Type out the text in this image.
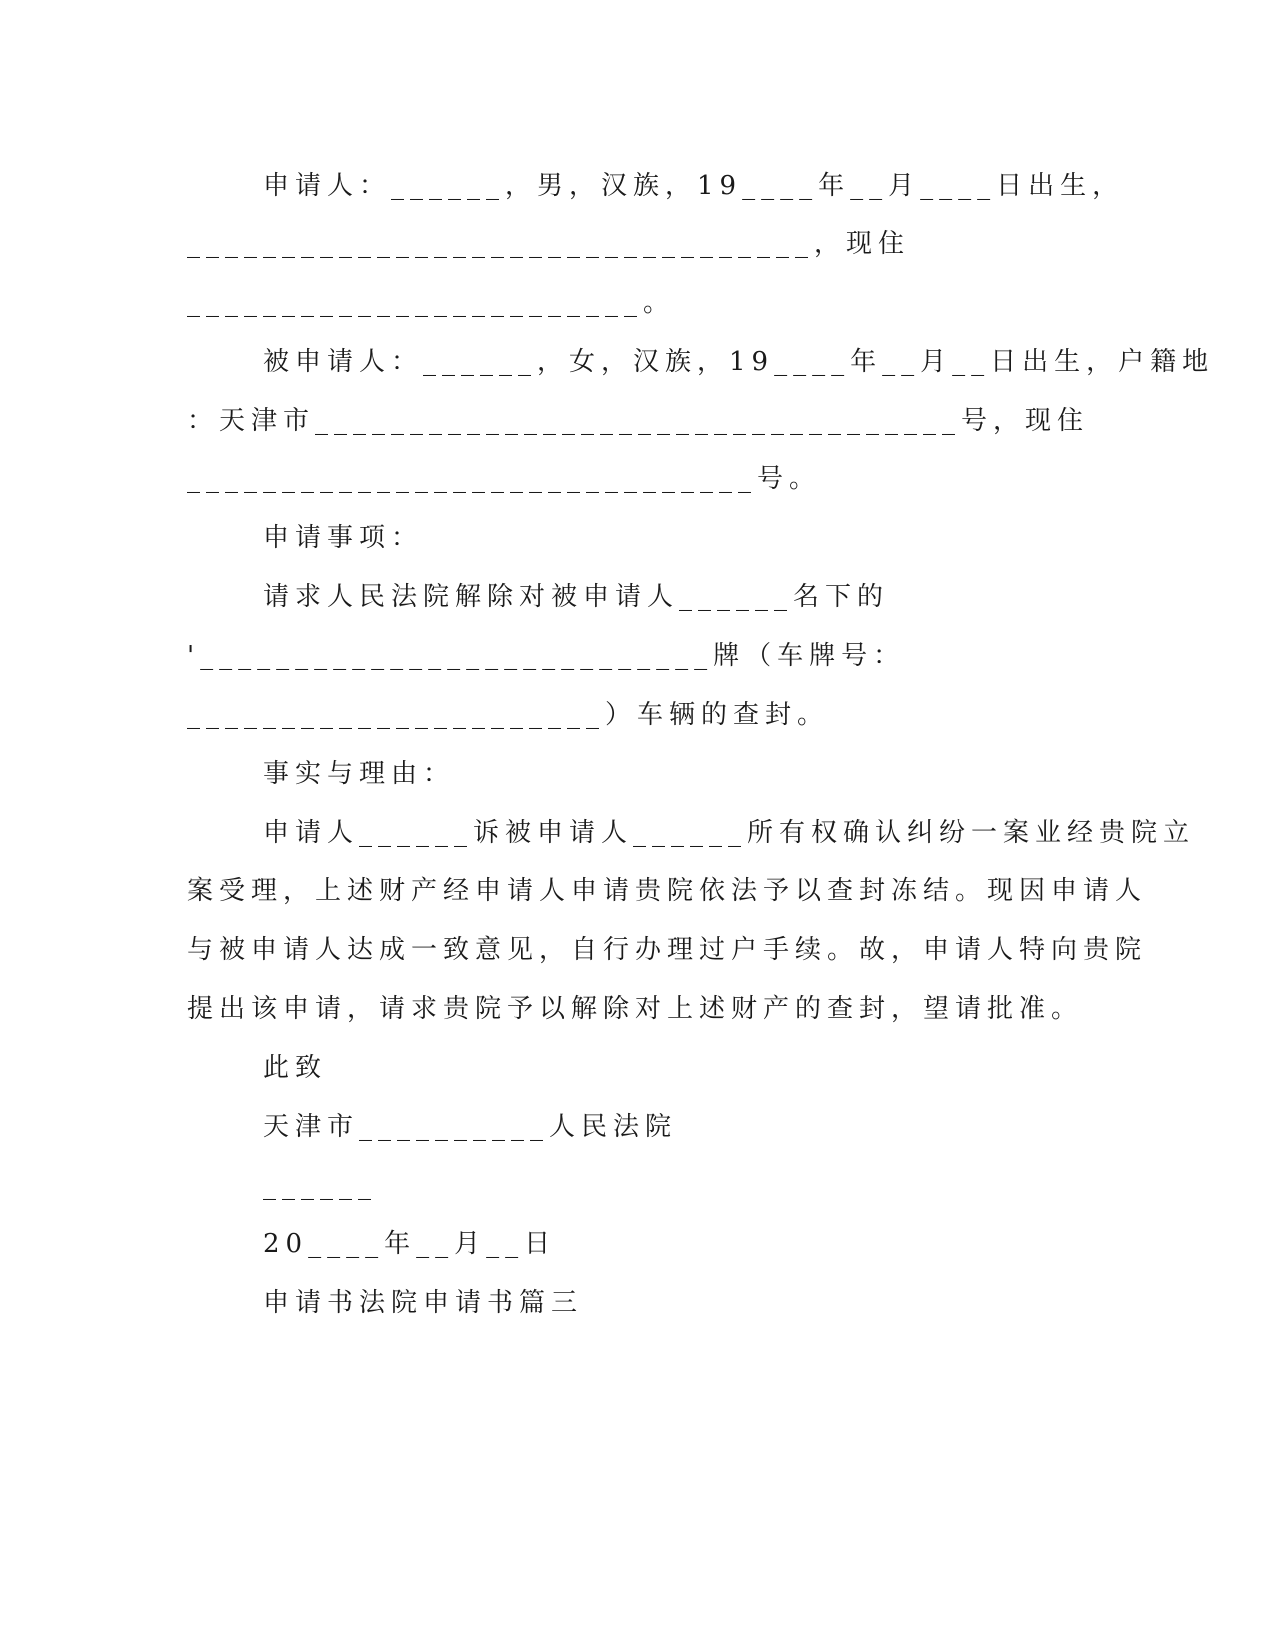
申请人：______，男，汉族，19____年__月____日出生，
_________________________________，现住
________________________。
被申请人：______，女，汉族，19____年__月__日出生，户籍地
：天津市__________________________________号，现住
______________________________号。
申请事项：
请求人民法院解除对被申请人______名下的
'___________________________牌（车牌号：
______________________）车辆的查封。
事实与理由：
申请人______诉被申请人______所有权确认纠纷一案业经贵院立
案受理，上述财产经申请人申请贵院依法予以查封冻结。现因申请人
与被申请人达成一致意见，自行办理过户手续。故，申请人特向贵院
提出该申请，请求贵院予以解除对上述财产的查封，望请批准。
此致
天津市__________人民法院
______
20____年__月__日
申请书法院申请书篇三
